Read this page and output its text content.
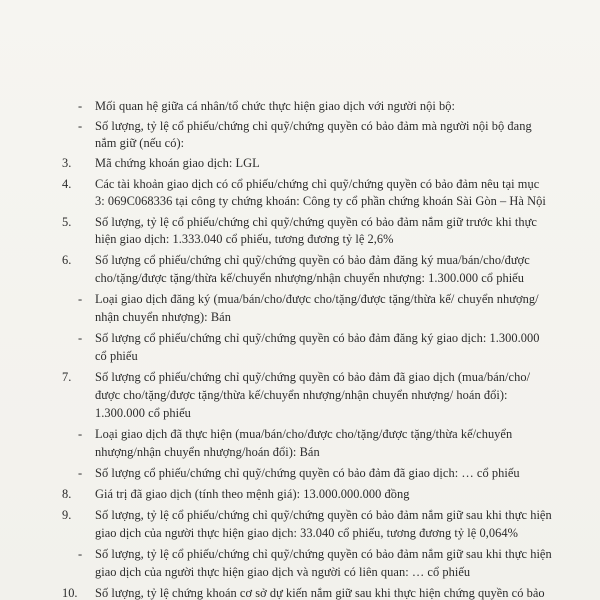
- Mối quan hệ giữa cá nhân/tổ chức thực hiện giao dịch với người nội bộ:
- Số lượng, tỷ lệ cổ phiếu/chứng chỉ quỹ/chứng quyền có bảo đảm mà người nội bộ đang
nắm giữ (nếu có):
3. Mã chứng khoán giao dịch: LGL
4. Các tài khoản giao dịch có cổ phiếu/chứng chỉ quỹ/chứng quyền có bảo đảm nêu tại mục
3: 069C068336 tại công ty chứng khoán: Công ty cổ phần chứng khoán Sài Gòn – Hà Nội
5. Số lượng, tỷ lệ cổ phiếu/chứng chỉ quỹ/chứng quyền có bảo đảm nắm giữ trước khi thực
hiện giao dịch: 1.333.040 cổ phiếu, tương đương tỷ lệ 2,6%
6. Số lượng cổ phiếu/chứng chỉ quỹ/chứng quyền có bảo đảm đăng ký mua/bán/cho/được
cho/tặng/được tặng/thừa kế/chuyển nhượng/nhận chuyển nhượng: 1.300.000 cổ phiếu
- Loại giao dịch đăng ký (mua/bán/cho/được cho/tặng/được tặng/thừa kế/ chuyển nhượng/
nhận chuyển nhượng): Bán
- Số lượng cổ phiếu/chứng chỉ quỹ/chứng quyền có bảo đảm đăng ký giao dịch: 1.300.000
cổ phiếu
7. Số lượng cổ phiếu/chứng chỉ quỹ/chứng quyền có bảo đảm đã giao dịch (mua/bán/cho/
được cho/tặng/được tặng/thừa kế/chuyển nhượng/nhận chuyển nhượng/ hoán đổi):
1.300.000 cổ phiếu
- Loại giao dịch đã thực hiện (mua/bán/cho/được cho/tặng/được tặng/thừa kế/chuyển
nhượng/nhận chuyển nhượng/hoán đổi): Bán
- Số lượng cổ phiếu/chứng chỉ quỹ/chứng quyền có bảo đảm đã giao dịch: … cổ phiếu
8. Giá trị đã giao dịch (tính theo mệnh giá): 13.000.000.000 đồng
9. Số lượng, tỷ lệ cổ phiếu/chứng chỉ quỹ/chứng quyền có bảo đảm nắm giữ sau khi thực hiện
giao dịch của người thực hiện giao dịch: 33.040 cổ phiếu, tương đương tỷ lệ 0,064%
- Số lượng, tỷ lệ cổ phiếu/chứng chỉ quỹ/chứng quyền có bảo đảm nắm giữ sau khi thực hiện
giao dịch của người thực hiện giao dịch và người có liên quan: … cổ phiếu
10. Số lượng, tỷ lệ chứng khoán cơ sở dự kiến nắm giữ sau khi thực hiện chứng quyền có bảo
